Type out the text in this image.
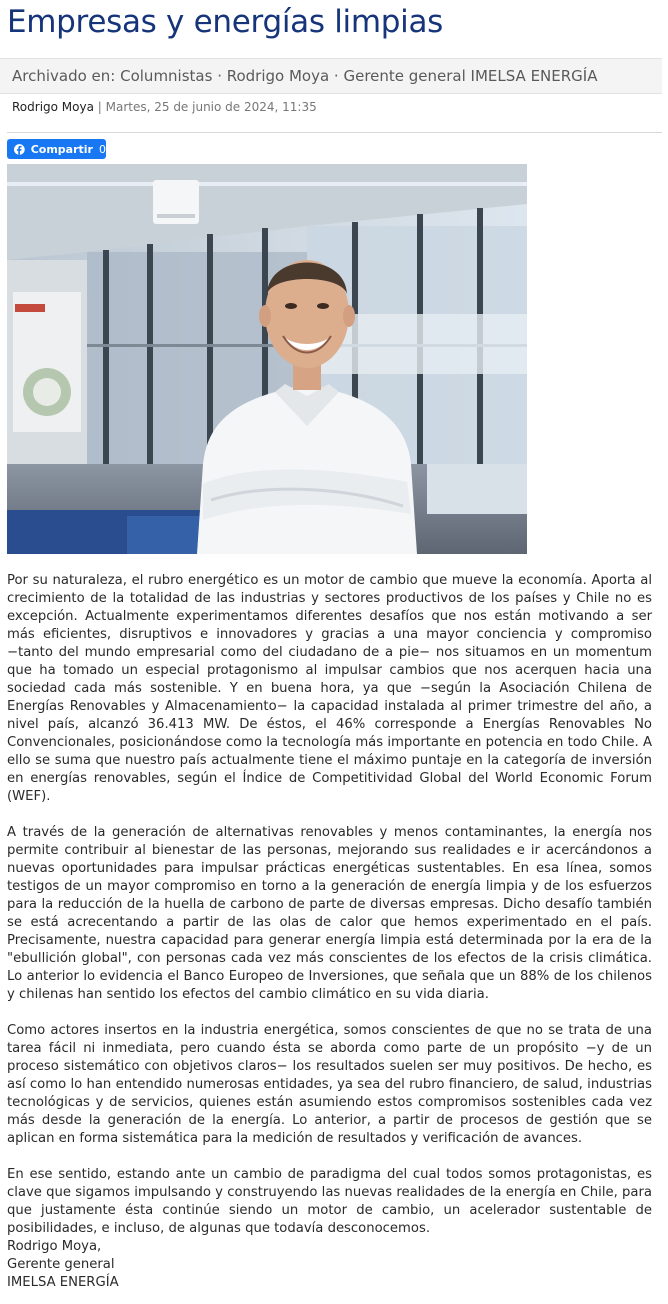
Empresas y energías limpias
Archivado en: Columnistas · Rodrigo Moya · Gerente general IMELSA ENERGÍA
Rodrigo Moya | Martes, 25 de junio de 2024, 11:35
Compartir 0

Por su naturaleza, el rubro energético es un motor de cambio que mueve la economía. Aporta al crecimiento de la totalidad de las industrias y sectores productivos de los países y Chile no es excepción. Actualmente experimentamos diferentes desafíos que nos están motivando a ser más eficientes, disruptivos e innovadores y gracias a una mayor conciencia y compromiso −tanto del mundo empresarial como del ciudadano de a pie− nos situamos en un momentum que ha tomado un especial protagonismo al impulsar cambios que nos acerquen hacia una sociedad cada más sostenible. Y en buena hora, ya que −según la Asociación Chilena de Energías Renovables y Almacenamiento− la capacidad instalada al primer trimestre del año, a nivel país, alcanzó 36.413 MW. De éstos, el 46% corresponde a Energías Renovables No Convencionales, posicionándose como la tecnología más importante en potencia en todo Chile. A ello se suma que nuestro país actualmente tiene el máximo puntaje en la categoría de inversión en energías renovables, según el Índice de Competitividad Global del World Economic Forum (WEF).

A través de la generación de alternativas renovables y menos contaminantes, la energía nos permite contribuir al bienestar de las personas, mejorando sus realidades e ir acercándonos a nuevas oportunidades para impulsar prácticas energéticas sustentables. En esa línea, somos testigos de un mayor compromiso en torno a la generación de energía limpia y de los esfuerzos para la reducción de la huella de carbono de parte de diversas empresas. Dicho desafío también se está acrecentando a partir de las olas de calor que hemos experimentado en el país. Precisamente, nuestra capacidad para generar energía limpia está determinada por la era de la "ebullición global", con personas cada vez más conscientes de los efectos de la crisis climática. Lo anterior lo evidencia el Banco Europeo de Inversiones, que señala que un 88% de los chilenos y chilenas han sentido los efectos del cambio climático en su vida diaria.

Como actores insertos en la industria energética, somos conscientes de que no se trata de una tarea fácil ni inmediata, pero cuando ésta se aborda como parte de un propósito −y de un proceso sistemático con objetivos claros− los resultados suelen ser muy positivos. De hecho, es así como lo han entendido numerosas entidades, ya sea del rubro financiero, de salud, industrias tecnológicas y de servicios, quienes están asumiendo estos compromisos sostenibles cada vez más desde la generación de la energía. Lo anterior, a partir de procesos de gestión que se aplican en forma sistemática para la medición de resultados y verificación de avances.

En ese sentido, estando ante un cambio de paradigma del cual todos somos protagonistas, es clave que sigamos impulsando y construyendo las nuevas realidades de la energía en Chile, para que justamente ésta continúe siendo un motor de cambio, un acelerador sustentable de posibilidades, e incluso, de algunas que todavía desconocemos.

Rodrigo Moya,
Gerente general
IMELSA ENERGÍA
